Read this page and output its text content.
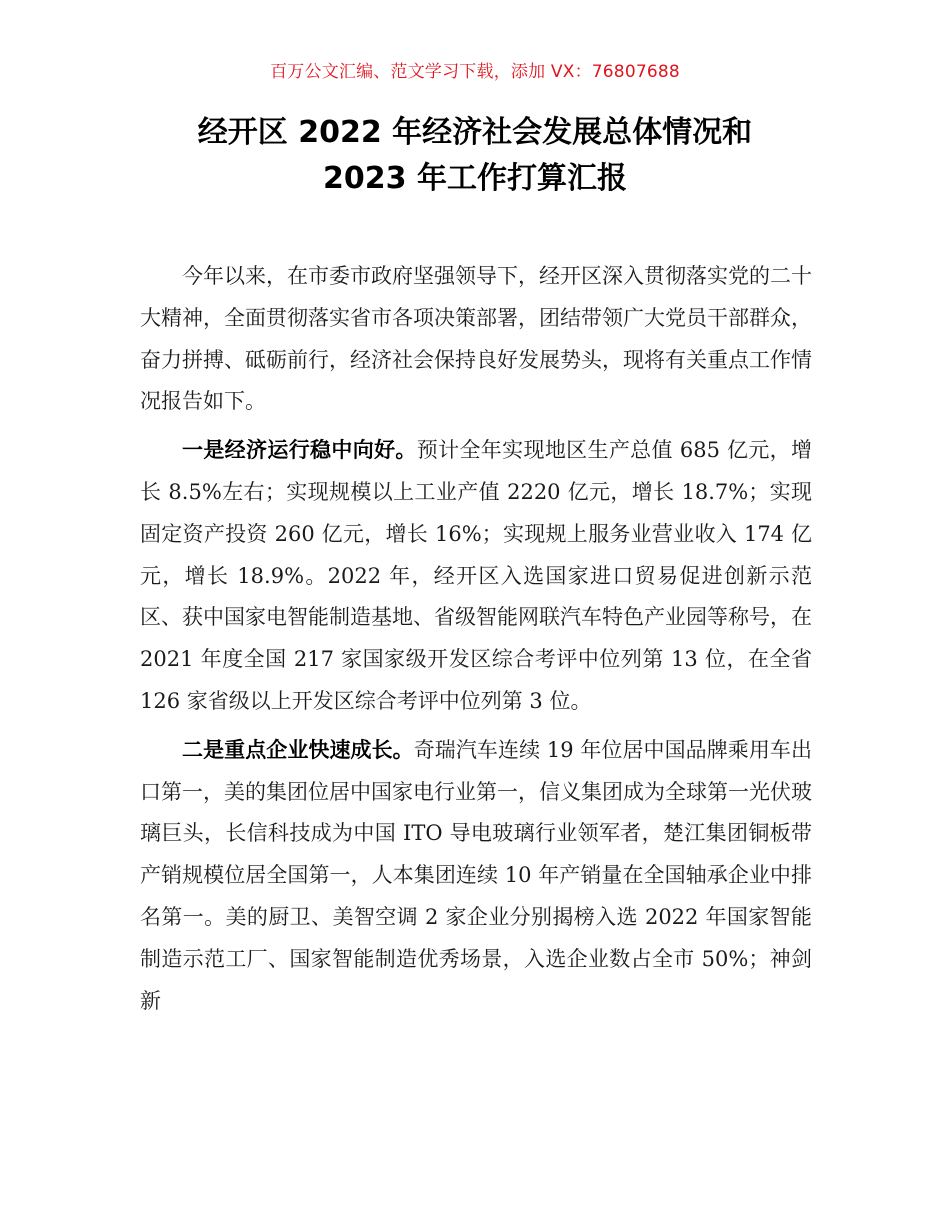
百万公文汇编、范文学习下载，添加 VX：76807688
经开区 2022 年经济社会发展总体情况和
2023 年工作打算汇报

今年以来，在市委市政府坚强领导下，经开区深入贯彻落实党的二十大精神，全面贯彻落实省市各项决策部署，团结带领广大党员干部群众，奋力拼搏、砥砺前行，经济社会保持良好发展势头，现将有关重点工作情况报告如下。

一是经济运行稳中向好。预计全年实现地区生产总值 685 亿元，增长 8.5%左右；实现规模以上工业产值 2220 亿元，增长 18.7%；实现固定资产投资 260 亿元，增长 16%；实现规上服务业营业收入 174 亿元，增长 18.9%。2022 年，经开区入选国家进口贸易促进创新示范区、获中国家电智能制造基地、省级智能网联汽车特色产业园等称号，在 2021 年度全国 217 家国家级开发区综合考评中位列第 13 位，在全省 126 家省级以上开发区综合考评中位列第 3 位。

二是重点企业快速成长。奇瑞汽车连续 19 年位居中国品牌乘用车出口第一，美的集团位居中国家电行业第一，信义集团成为全球第一光伏玻璃巨头，长信科技成为中国 ITO 导电玻璃行业领军者，楚江集团铜板带产销规模位居全国第一，人本集团连续 10 年产销量在全国轴承企业中排名第一。美的厨卫、美智空调 2 家企业分别揭榜入选 2022 年国家智能制造示范工厂、国家智能制造优秀场景，入选企业数占全市 50%；神剑新
